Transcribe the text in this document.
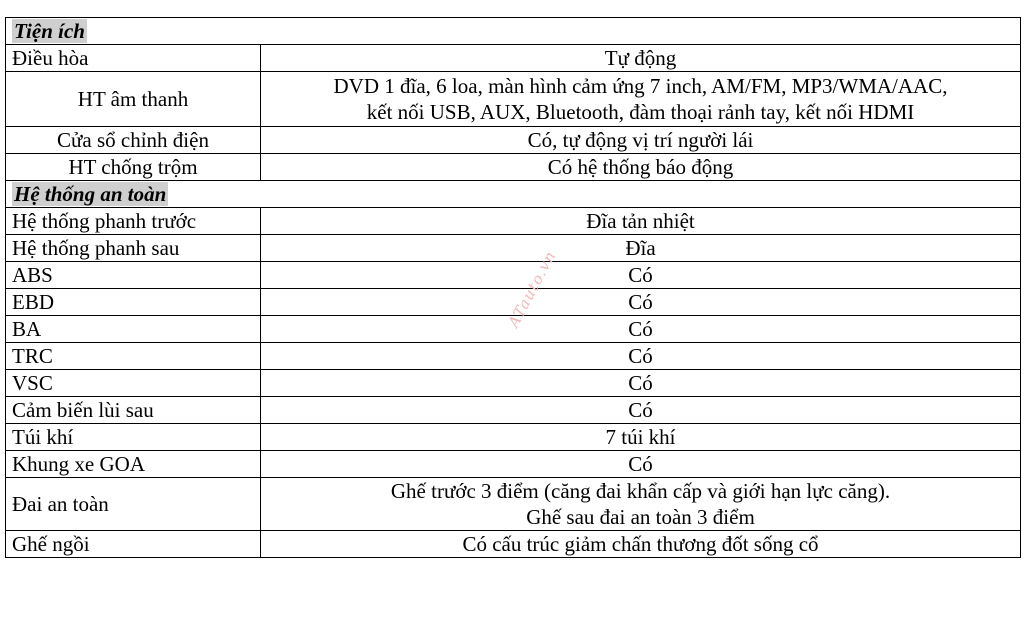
Tiện ích	
Điều hòa	Tự động
HT âm thanh	DVD 1 đĩa, 6 loa, màn hình cảm ứng 7 inch, AM/FM, MP3/WMA/AAC,
kết nối USB, AUX, Bluetooth, đàm thoại rảnh tay, kết nối HDMI

Cửa sổ chỉnh điện	Có, tự động vị trí người lái
HT chống trộm	Có hệ thống báo động
Hệ thống an toàn	
Hệ thống phanh trước	Đĩa tản nhiệt
Hệ thống phanh sau	Đĩa
ABS	Có
EBD	Có
BA	Có
TRC	Có
VSC	Có
Cảm biến lùi sau	Có
Túi khí	7 túi khí
Khung xe GOA	Có
Đai an toàn	Ghế trước 3 điểm (căng đai khẩn cấp và giới hạn lực căng).
Ghế sau đai an toàn 3 điểm

Ghế ngồi	Có cấu trúc giảm chấn thương đốt sống cổ
ATauto.vn
